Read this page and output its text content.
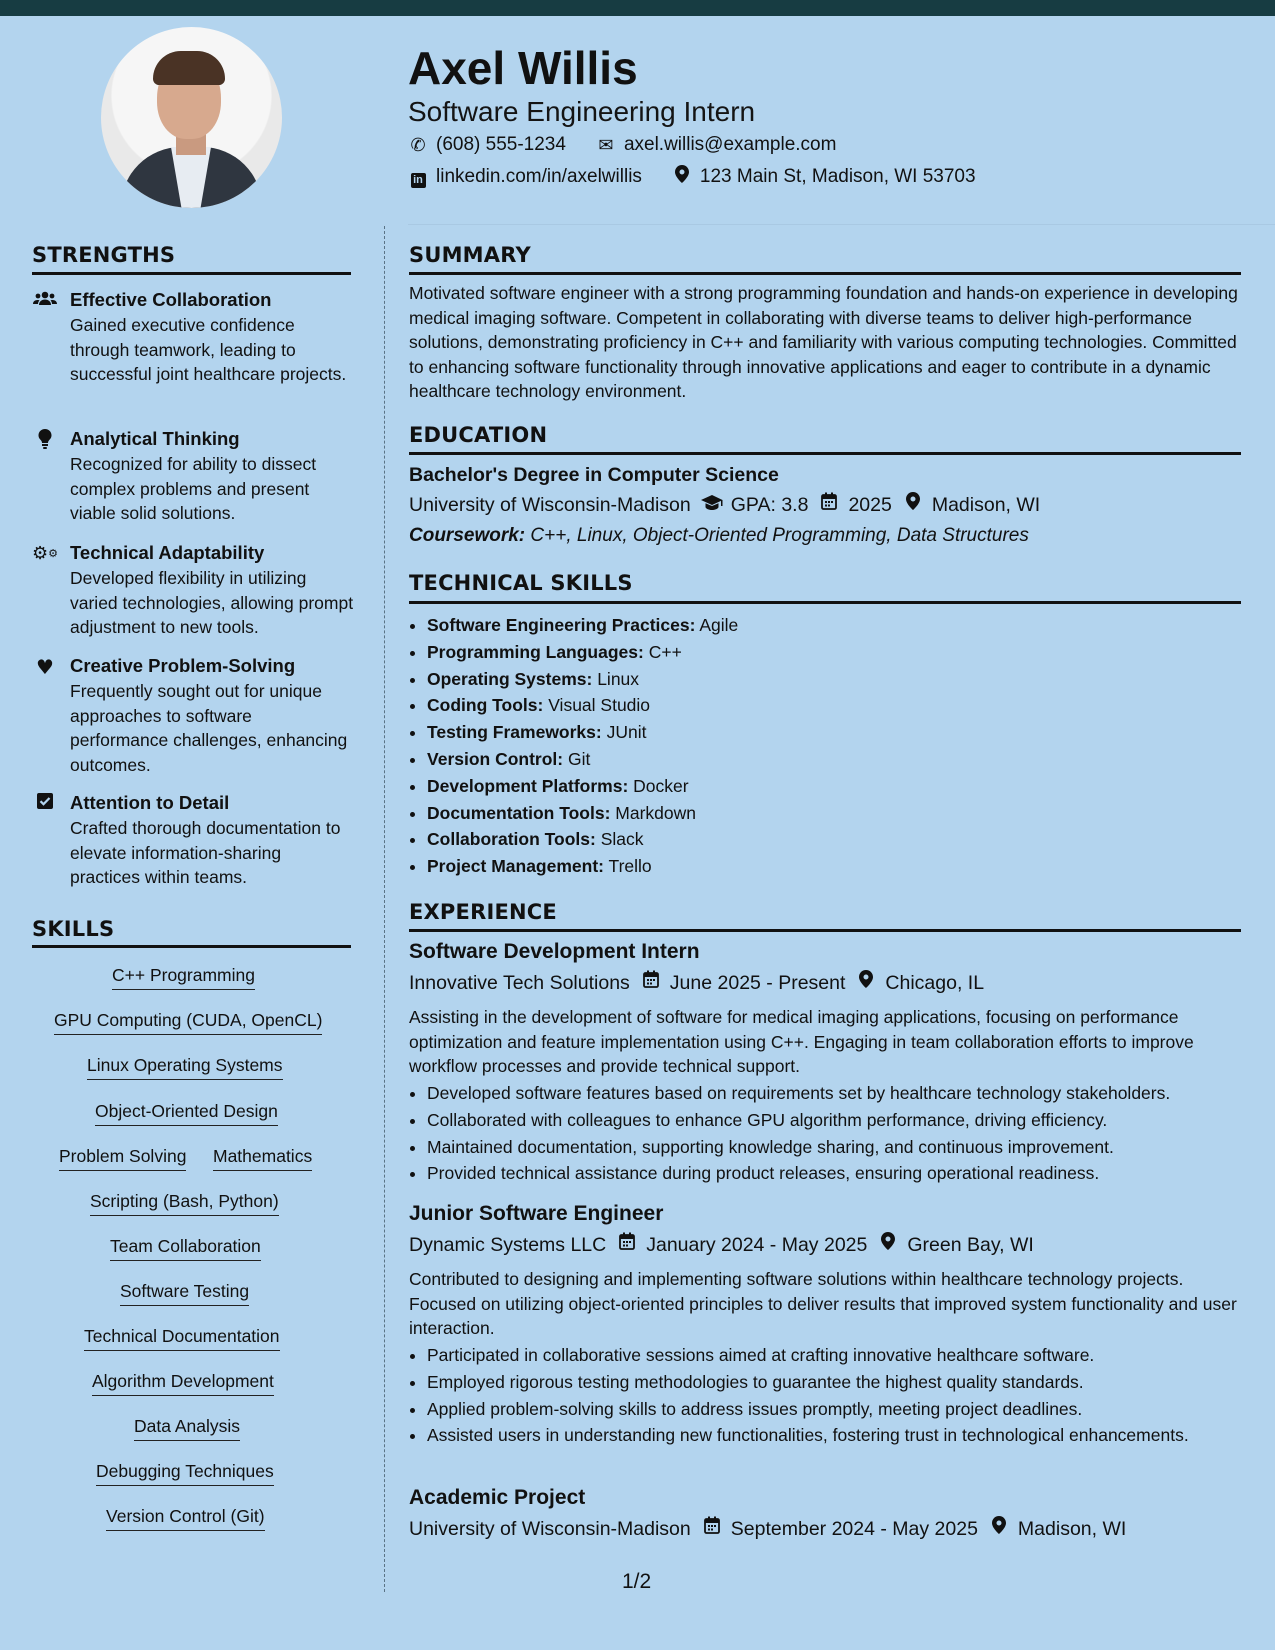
Axel Willis
Software Engineering Intern
✆ (608) 555-1234 ✉ axel.willis@example.com
in linkedin.com/in/axelwillis	123 Main St, Madison, WI 53703
STRENGTHS
Effective Collaboration
Gained executive confidence through teamwork, leading to successful joint healthcare projects.
Analytical Thinking
Recognized for ability to dissect complex problems and present viable solid solutions.
⚙⚙ Technical Adaptability
Developed flexibility in utilizing varied technologies, allowing prompt adjustment to new tools.
♥ Creative Problem-Solving
Frequently sought out for unique approaches to software performance challenges, enhancing outcomes.
Attention to Detail
Crafted thorough documentation to elevate information-sharing practices within teams.
SKILLS
C++ Programming
GPU Computing (CUDA, OpenCL)
Linux Operating Systems
Object-Oriented Design
Problem Solving Mathematics
Scripting (Bash, Python)
Team Collaboration
Software Testing
Technical Documentation
Algorithm Development
Data Analysis
Debugging Techniques
Version Control (Git)
SUMMARY

Motivated software engineer with a strong programming foundation and hands-on experience in developing medical imaging software. Competent in collaborating with diverse teams to deliver high-performance solutions, demonstrating proficiency in C++ and familiarity with various computing technologies. Committed to enhancing software functionality through innovative applications and eager to contribute in a dynamic healthcare technology environment.

EDUCATION
Bachelor's Degree in Computer Science
University of Wisconsin-Madison GPA: 3.8 2025 Madison, WI
Coursework: C++, Linux, Object-Oriented Programming, Data Structures
TECHNICAL SKILLS
• Software Engineering Practices: Agile
• Programming Languages: C++
• Operating Systems: Linux
• Coding Tools: Visual Studio
• Testing Frameworks: JUnit
• Version Control: Git
• Development Platforms: Docker
• Documentation Tools: Markdown
• Collaboration Tools: Slack
• Project Management: Trello
EXPERIENCE
Software Development Intern
Innovative Tech Solutions June 2025 - Present Chicago, IL

Assisting in the development of software for medical imaging applications, focusing on performance optimization and feature implementation using C++. Engaging in team collaboration efforts to improve workflow processes and provide technical support.

• Developed software features based on requirements set by healthcare technology stakeholders.
• Collaborated with colleagues to enhance GPU algorithm performance, driving efficiency.
• Maintained documentation, supporting knowledge sharing, and continuous improvement.
• Provided technical assistance during product releases, ensuring operational readiness.
Junior Software Engineer
Dynamic Systems LLC January 2024 - May 2025 Green Bay, WI

Contributed to designing and implementing software solutions within healthcare technology projects. Focused on utilizing object-oriented principles to deliver results that improved system functionality and user interaction.

• Participated in collaborative sessions aimed at crafting innovative healthcare software.
• Employed rigorous testing methodologies to guarantee the highest quality standards.
• Applied problem-solving skills to address issues promptly, meeting project deadlines.
• Assisted users in understanding new functionalities, fostering trust in technological enhancements.
Academic Project
University of Wisconsin-Madison September 2024 - May 2025 Madison, WI
1/2
